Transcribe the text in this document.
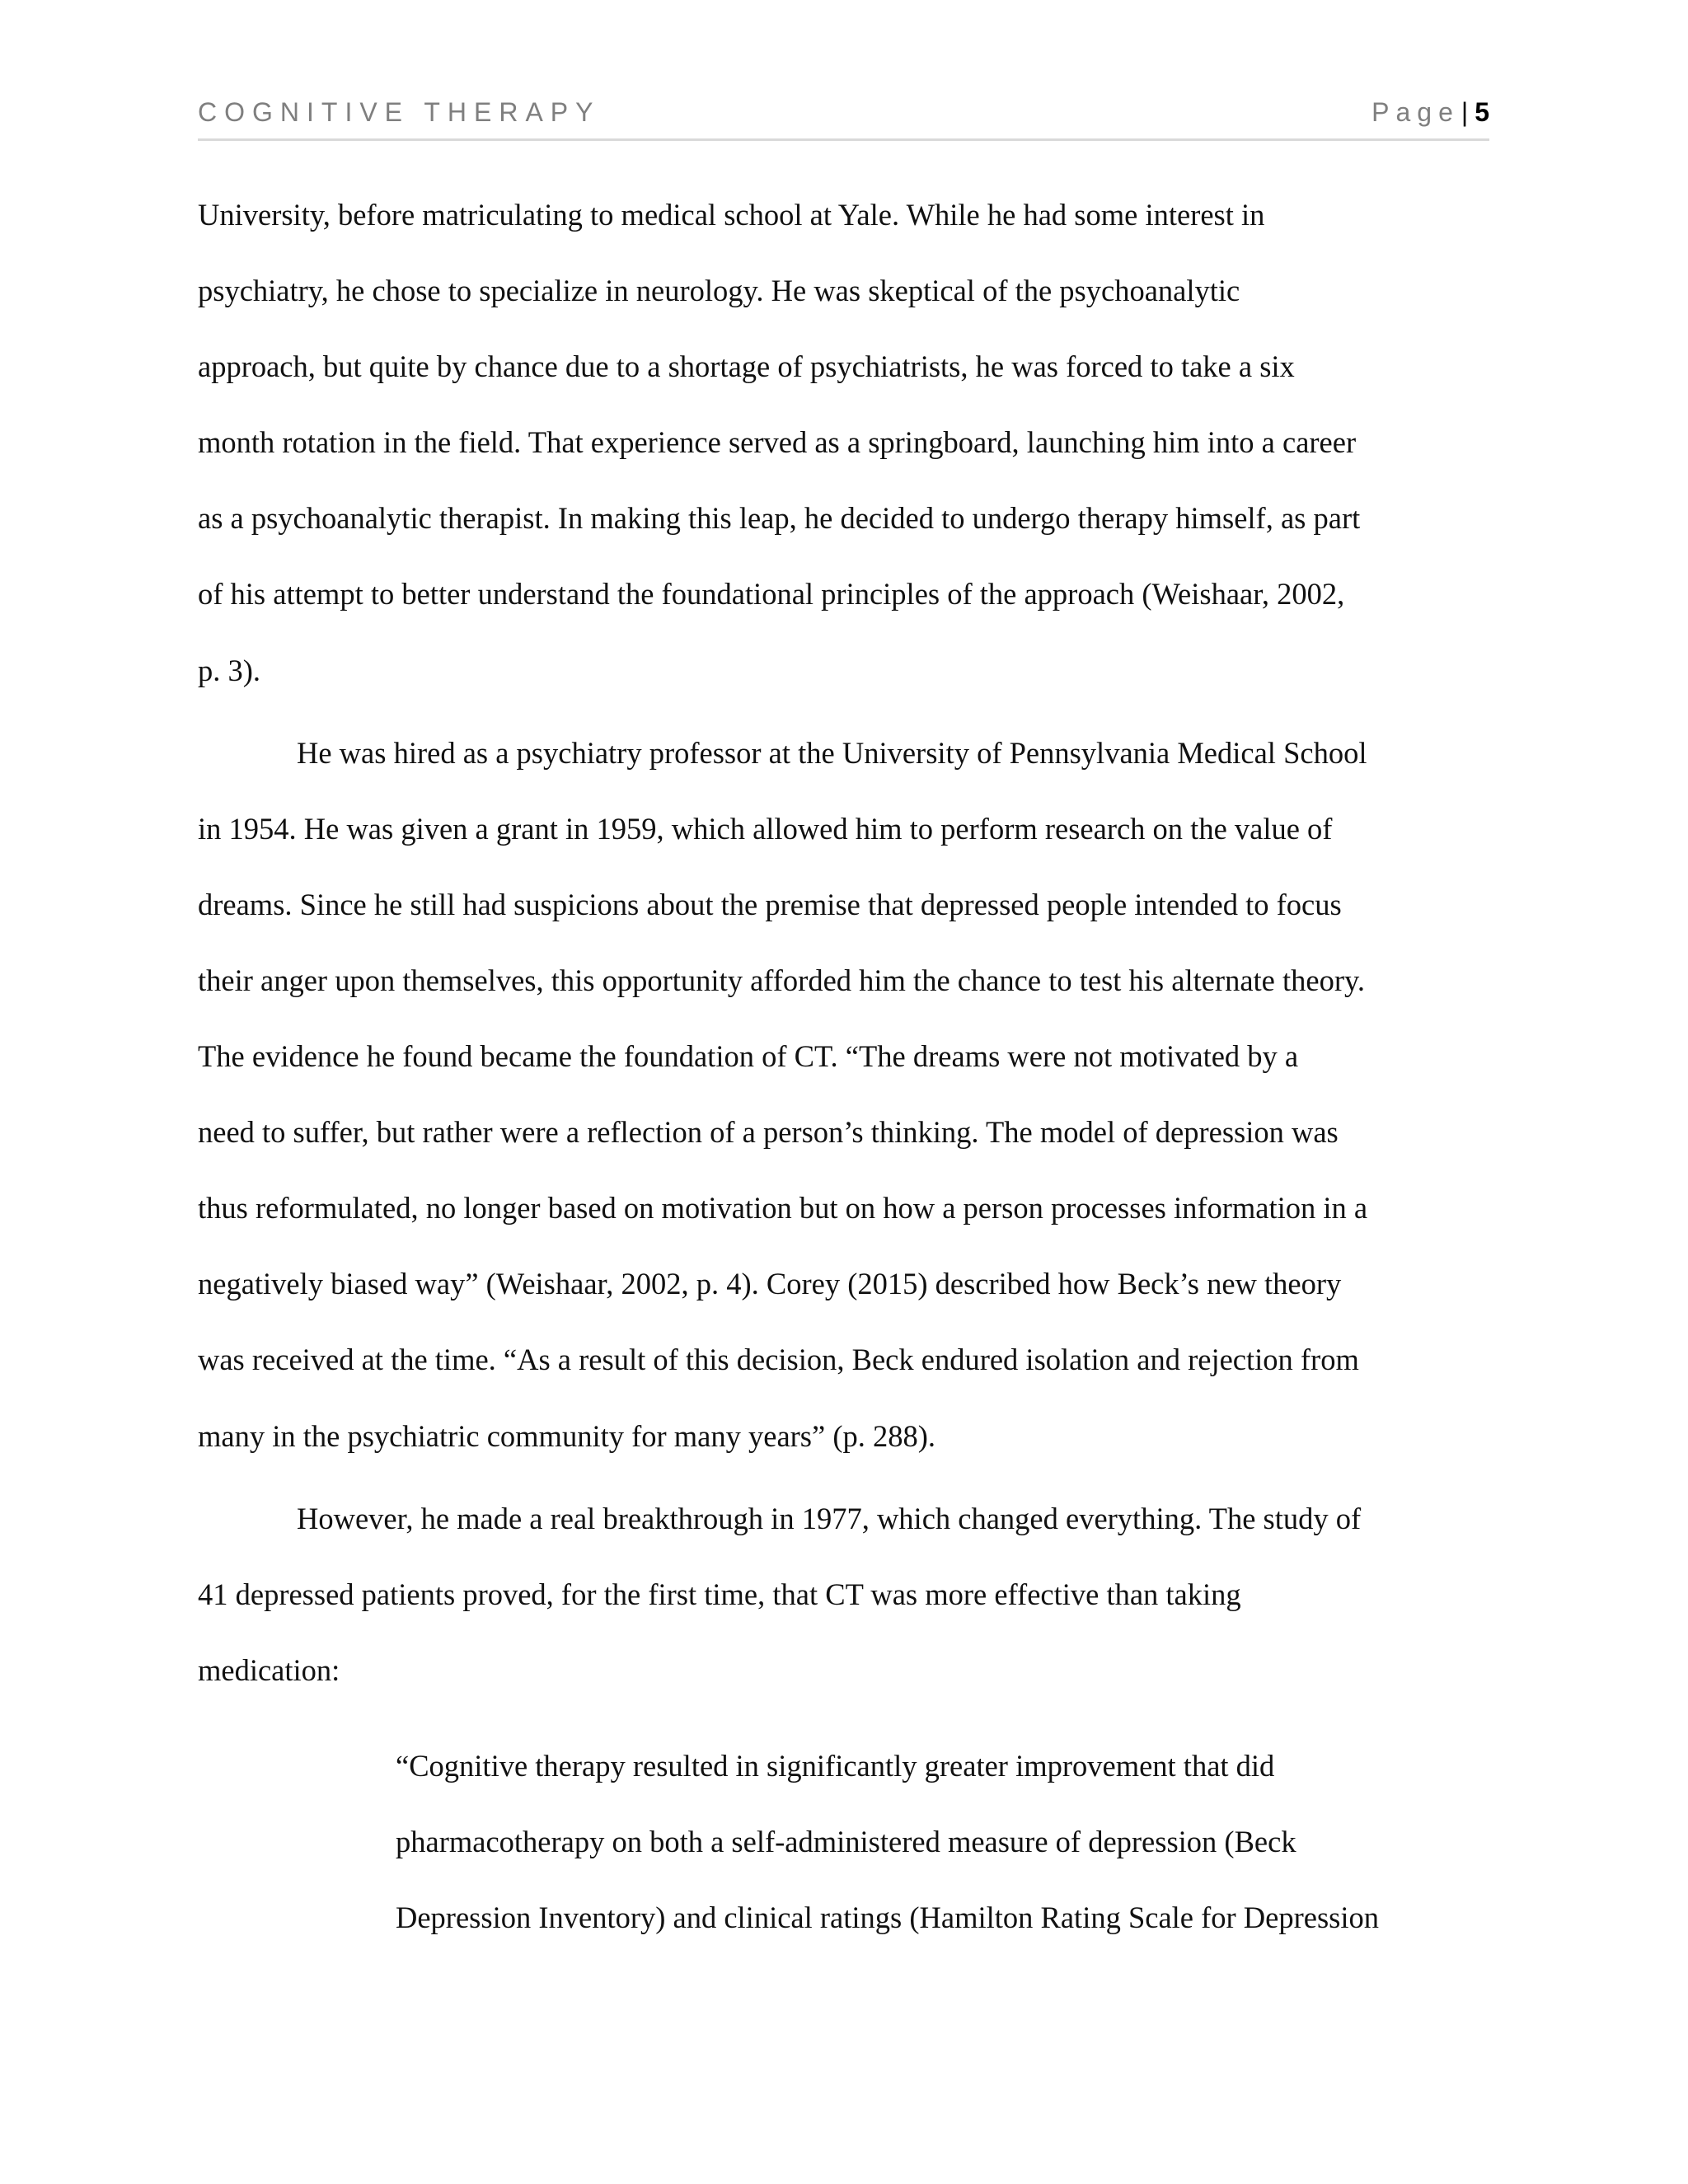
COGNITIVE THERAPY	Page| 5
University, before matriculating to medical school at Yale. While he had some interest in
psychiatry, he chose to specialize in neurology. He was skeptical of the psychoanalytic
approach, but quite by chance due to a shortage of psychiatrists, he was forced to take a six
month rotation in the field. That experience served as a springboard, launching him into a career
as a psychoanalytic therapist. In making this leap, he decided to undergo therapy himself, as part
of his attempt to better understand the foundational principles of the approach (Weishaar, 2002,
p. 3).
He was hired as a psychiatry professor at the University of Pennsylvania Medical School
in 1954. He was given a grant in 1959, which allowed him to perform research on the value of
dreams. Since he still had suspicions about the premise that depressed people intended to focus
their anger upon themselves, this opportunity afforded him the chance to test his alternate theory.
The evidence he found became the foundation of CT. “The dreams were not motivated by a
need to suffer, but rather were a reflection of a person’s thinking. The model of depression was
thus reformulated, no longer based on motivation but on how a person processes information in a
negatively biased way” (Weishaar, 2002, p. 4). Corey (2015) described how Beck’s new theory
was received at the time. “As a result of this decision, Beck endured isolation and rejection from
many in the psychiatric community for many years” (p. 288).
However, he made a real breakthrough in 1977, which changed everything. The study of
41 depressed patients proved, for the first time, that CT was more effective than taking
medication:
“Cognitive therapy resulted in significantly greater improvement that did
pharmacotherapy on both a self-administered measure of depression (Beck
Depression Inventory) and clinical ratings (Hamilton Rating Scale for Depression
